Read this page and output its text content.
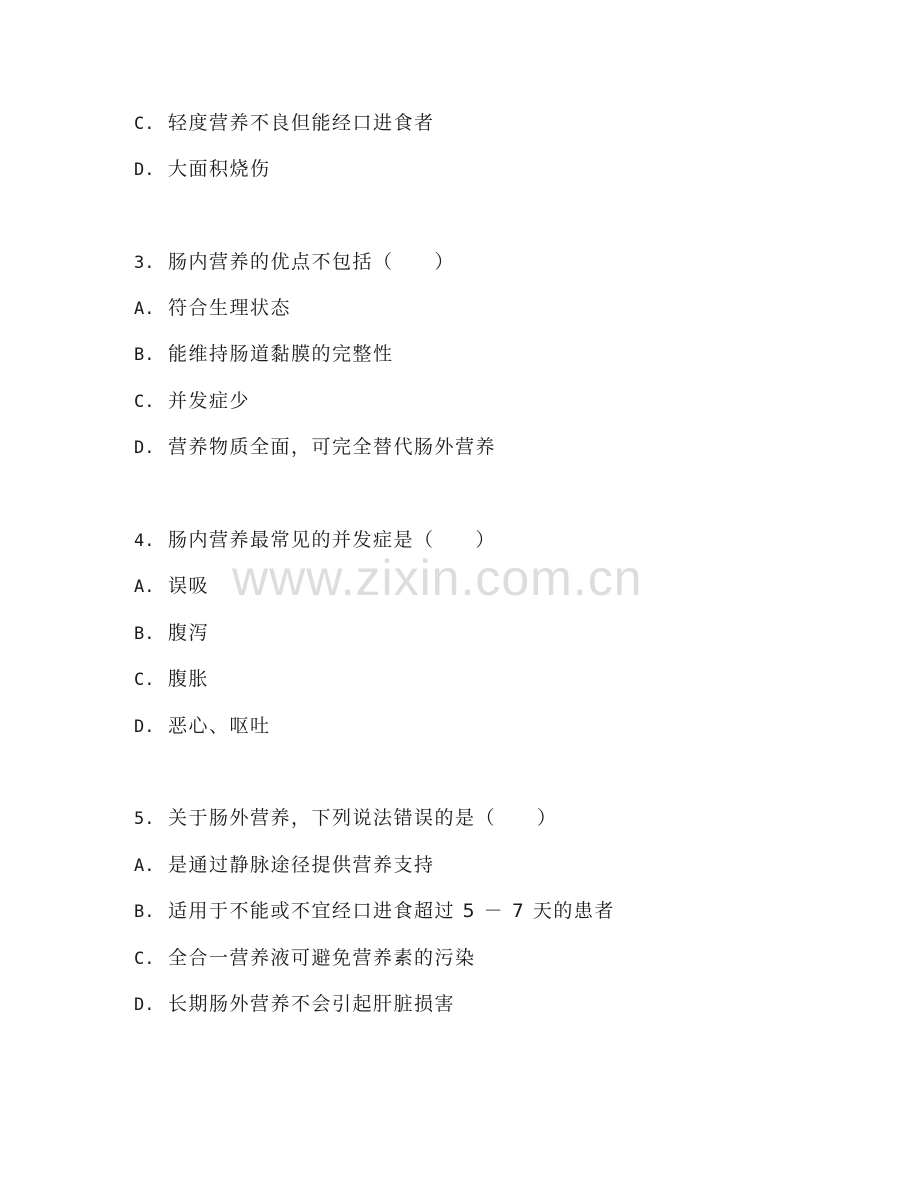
C. 轻度营养不良但能经口进食者
D. 大面积烧伤
3. 肠内营养的优点不包括（　　）
A. 符合生理状态
B. 能维持肠道黏膜的完整性
C. 并发症少
D. 营养物质全面，可完全替代肠外营养
4. 肠内营养最常见的并发症是（　　）
A. 误吸
B. 腹泻
C. 腹胀
D. 恶心、呕吐
5. 关于肠外营养，下列说法错误的是（　　）
A. 是通过静脉途径提供营养支持
B. 适用于不能或不宜经口进食超过 5 － 7 天的患者
C. 全合一营养液可避免营养素的污染
D. 长期肠外营养不会引起肝脏损害
www.zixin.com.cn
